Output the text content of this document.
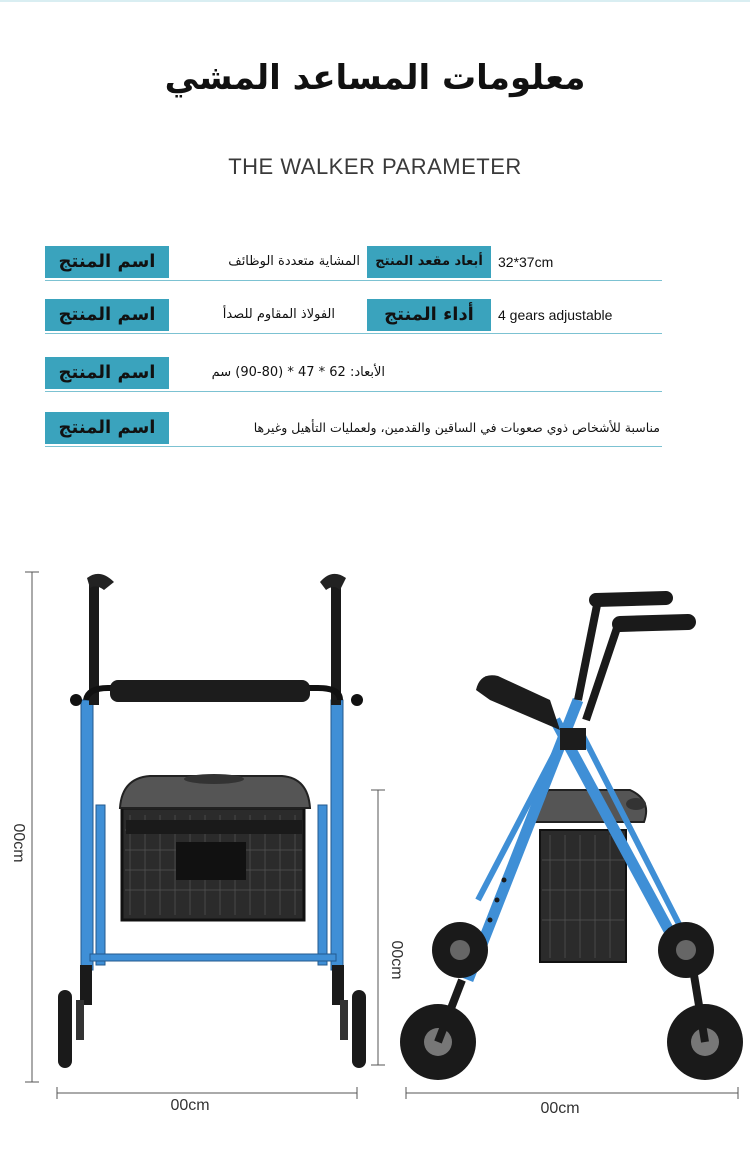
معلومات المساعد المشي
THE WALKER PARAMETER
اسم المنتج	المشاية متعددة الوظائف	أبعاد مقعد المنتج	32*37cm
اسم المنتج	الفولاذ المقاوم للصدأ	أداء المنتج	4 gears adjustable
اسم المنتج	الأبعاد: 62 * 47 * (80-90) سم
اسم المنتج	مناسبة للأشخاص ذوي صعوبات في الساقين والقدمين، ولعمليات التأهيل وغيرها
00cm
00cm
00cm
00cm
